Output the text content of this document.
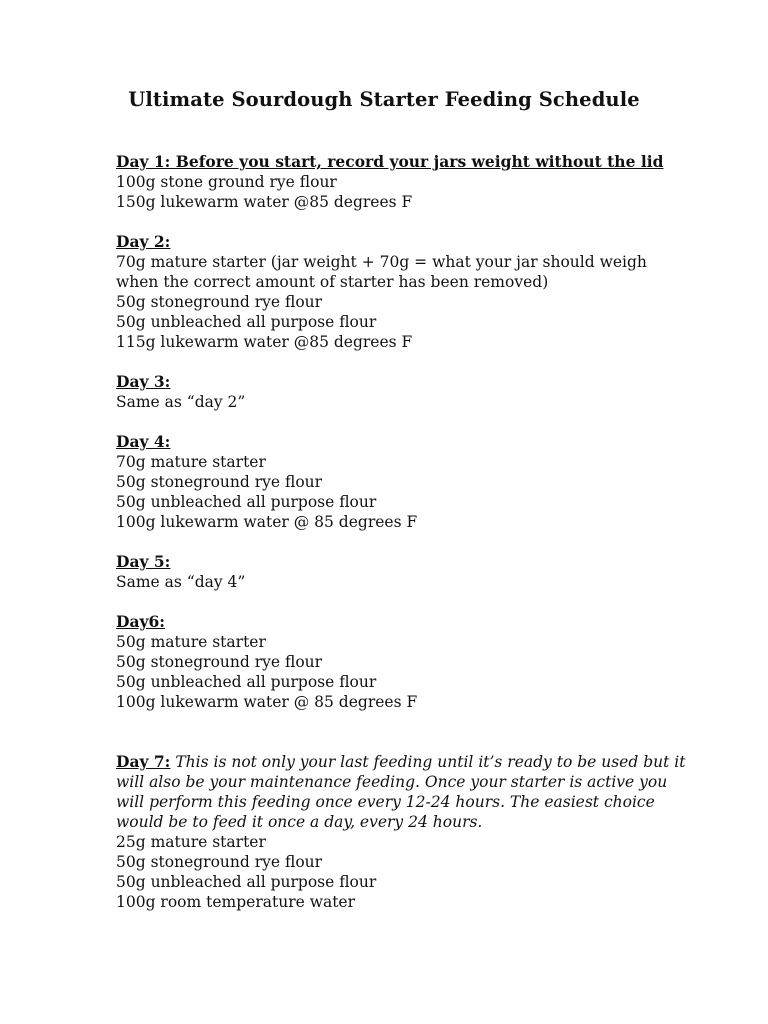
Ultimate Sourdough Starter Feeding Schedule
Day 1: Before you start, record your jars weight without the lid
100g stone ground rye flour
150g lukewarm water @85 degrees F
Day 2:
70g mature starter (jar weight + 70g = what your jar should weigh
when the correct amount of starter has been removed)
50g stoneground rye flour
50g unbleached all purpose flour
115g lukewarm water @85 degrees F
Day 3:
Same as “day 2”
Day 4:
70g mature starter
50g stoneground rye flour
50g unbleached all purpose flour
100g lukewarm water @ 85 degrees F
Day 5:
Same as “day 4”
Day6:
50g mature starter
50g stoneground rye flour
50g unbleached all purpose flour
100g lukewarm water @ 85 degrees F
Day 7: This is not only your last feeding until it’s ready to be used but it
will also be your maintenance feeding. Once your starter is active you
will perform this feeding once every 12-24 hours. The easiest choice
would be to feed it once a day, every 24 hours.
25g mature starter
50g stoneground rye flour
50g unbleached all purpose flour
100g room temperature water
